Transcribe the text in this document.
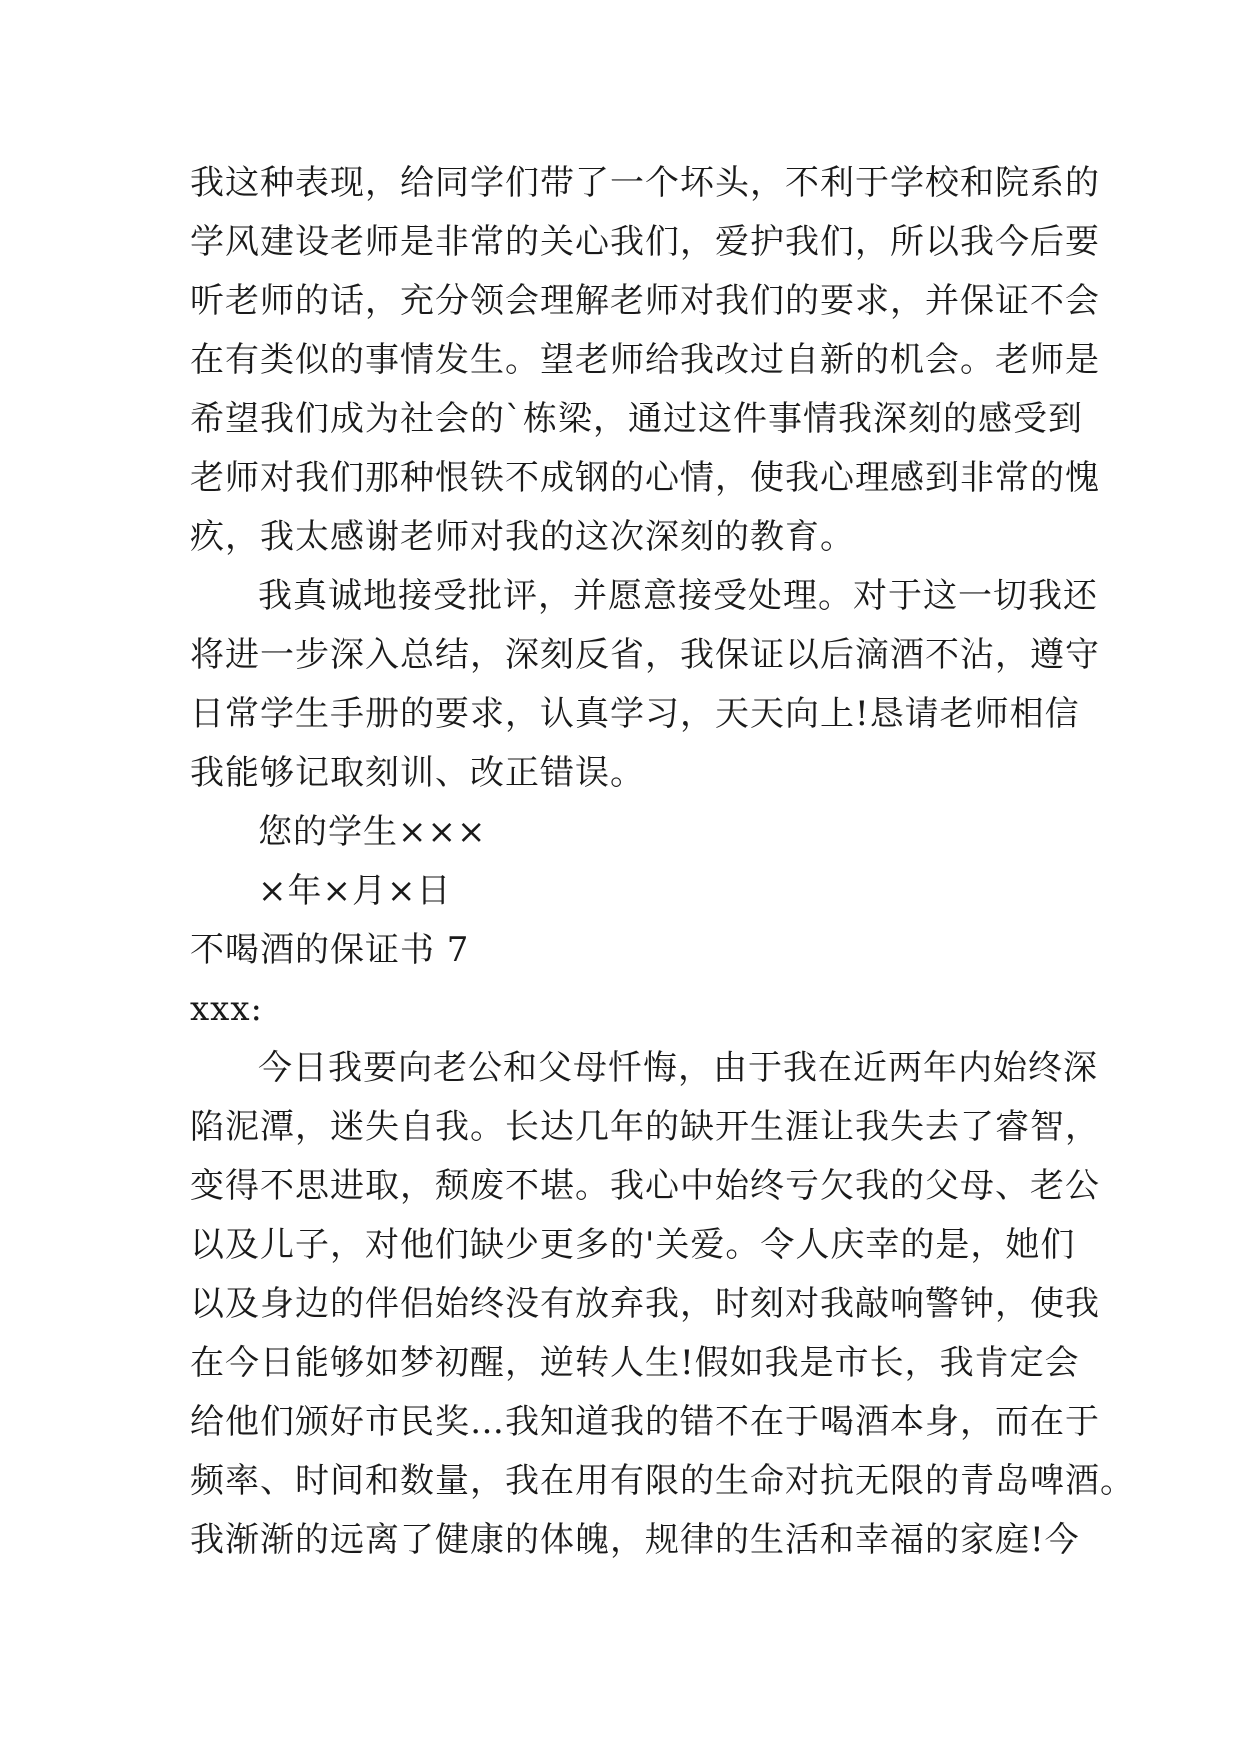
我这种表现，给同学们带了一个坏头，不利于学校和院系的
学风建设老师是非常的关心我们，爱护我们，所以我今后要
听老师的话，充分领会理解老师对我们的要求，并保证不会
在有类似的事情发生。望老师给我改过自新的机会。老师是
希望我们成为社会的`栋梁，通过这件事情我深刻的感受到
老师对我们那种恨铁不成钢的心情，使我心理感到非常的愧
疚，我太感谢老师对我的这次深刻的教育。
我真诚地接受批评，并愿意接受处理。对于这一切我还
将进一步深入总结，深刻反省，我保证以后滴酒不沾，遵守
日常学生手册的要求，认真学习，天天向上!恳请老师相信
我能够记取刻训、改正错误。
您的学生×××
×年×月×日
不喝酒的保证书 7
xxx:
今日我要向老公和父母忏悔，由于我在近两年内始终深
陷泥潭，迷失自我。长达几年的缺开生涯让我失去了睿智，
变得不思进取，颓废不堪。我心中始终亏欠我的父母、老公
以及儿子，对他们缺少更多的'关爱。令人庆幸的是，她们
以及身边的伴侣始终没有放弃我，时刻对我敲响警钟，使我
在今日能够如梦初醒，逆转人生!假如我是市长，我肯定会
给他们颁好市民奖…我知道我的错不在于喝酒本身，而在于
频率、时间和数量，我在用有限的生命对抗无限的青岛啤酒。
我渐渐的远离了健康的体魄，规律的生活和幸福的家庭!今
